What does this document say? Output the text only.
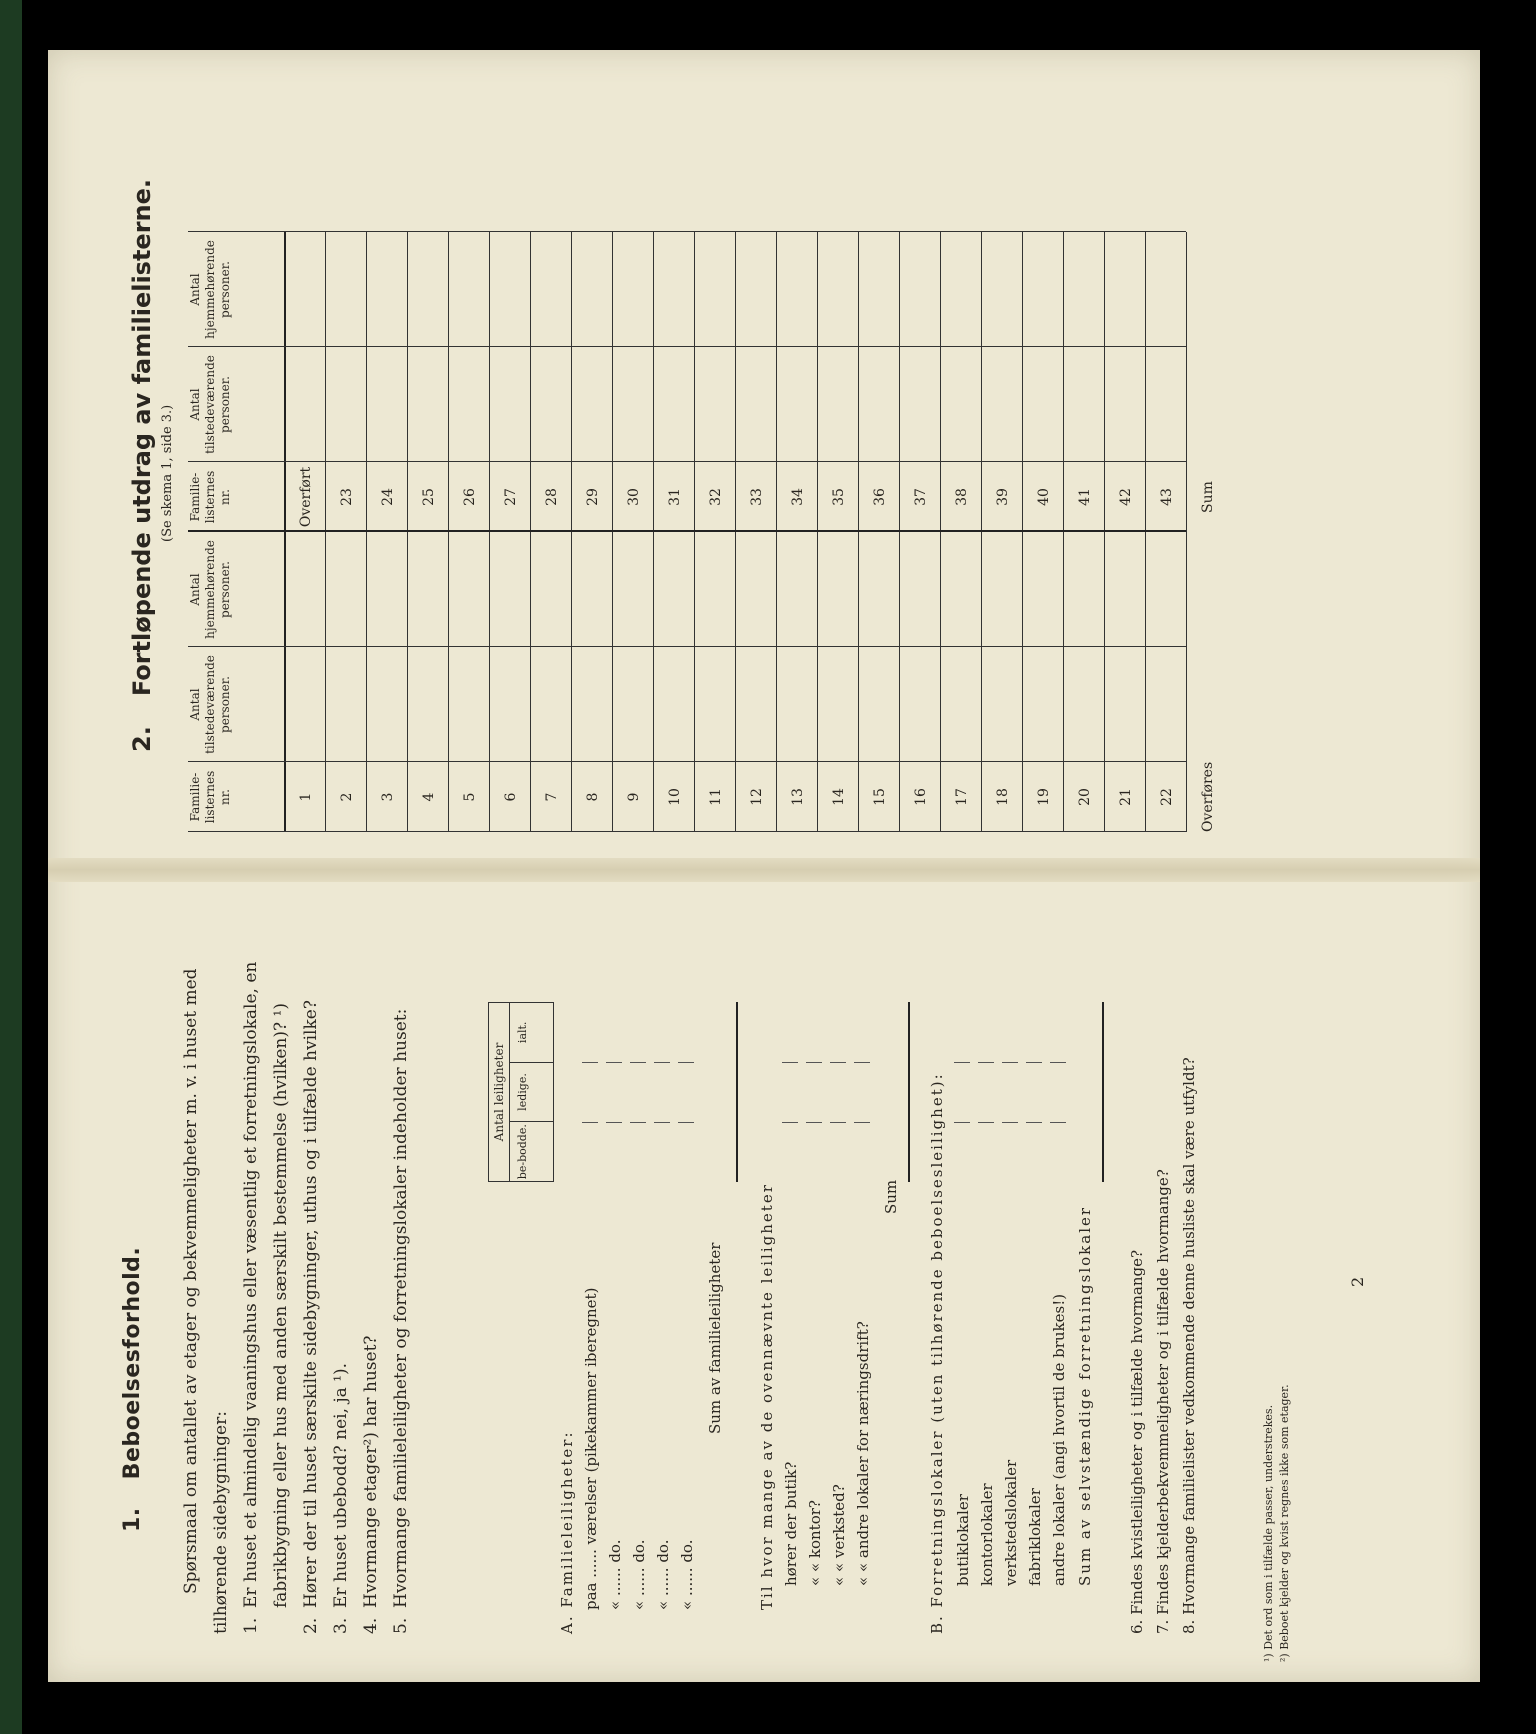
1.Beboelsesforhold. Spørsmaal om antallet av etager og bekvemmeligheter m. v. i huset med tilhørende sidebygninger: 1.
Er huset et almindelig vaaningshus eller væsentlig et forretningslokale, en fabrikbygning eller hus med anden særskilt bestemmelse (hvilken)? ¹)
2.
Hører der til huset særskilte sidebygninger, uthus og i tilfælde hvilke?
3.
Er huset ubebodd? nei, ja ¹).
4.
Hvormange etager²) har huset?
5.
Hvormange familieleiligheter og forretningslokaler indeholder huset:	Antal leiligheter
be-bodde.
ledige.
ialt.
A. Familieleiligheter: paa ...... værelser (pikekammer iberegnet) « ...... do. « ...... do. « ...... do. « ...... do.
Sum av familieleiligheter Til hvor mange av de ovennævnte leiligheter hører der butik? « « kontor? « « verksted? « « andre lokaler for næringsdrift?
Sum B. Forretningslokaler (uten tilhørende beboelsesleilighet): butiklokaler kontorlokaler verkstedslokaler fabriklokaler andre lokaler (angi hvortil de brukes!) Sum av selvstændige forretningslokaler
6. Findes kvistleiligheter og i tilfælde hvormange?
7. Findes kjelderbekvemmeligheter og i tilfælde hvormange?
8. Hvormange familielister vedkommende denne husliste skal være utfyldt?	¹) Det ord som i tilfælde passer, understrekes. ²) Beboet kjelder og kvist regnes ikke som etager.
2
2.Fortløpende utdrag av familielisterne. (Se skema 1, side 3.)
Familie-listernes nr.
Antal tilstedeværende personer.
Antal hjemmehørende personer.
Familie-listernes nr.
Antal tilstedeværende personer.
Antal hjemmehørende personer.
1
Overført
2
23
3
24
4
25
5
26
6
27
7
28
8
29
9
30
10
31
11
32
12
33
13
34
14
35
15
36
16
37
17
38
18
39
19
40
20
41
21
42
22
43
Overføres
Sum
